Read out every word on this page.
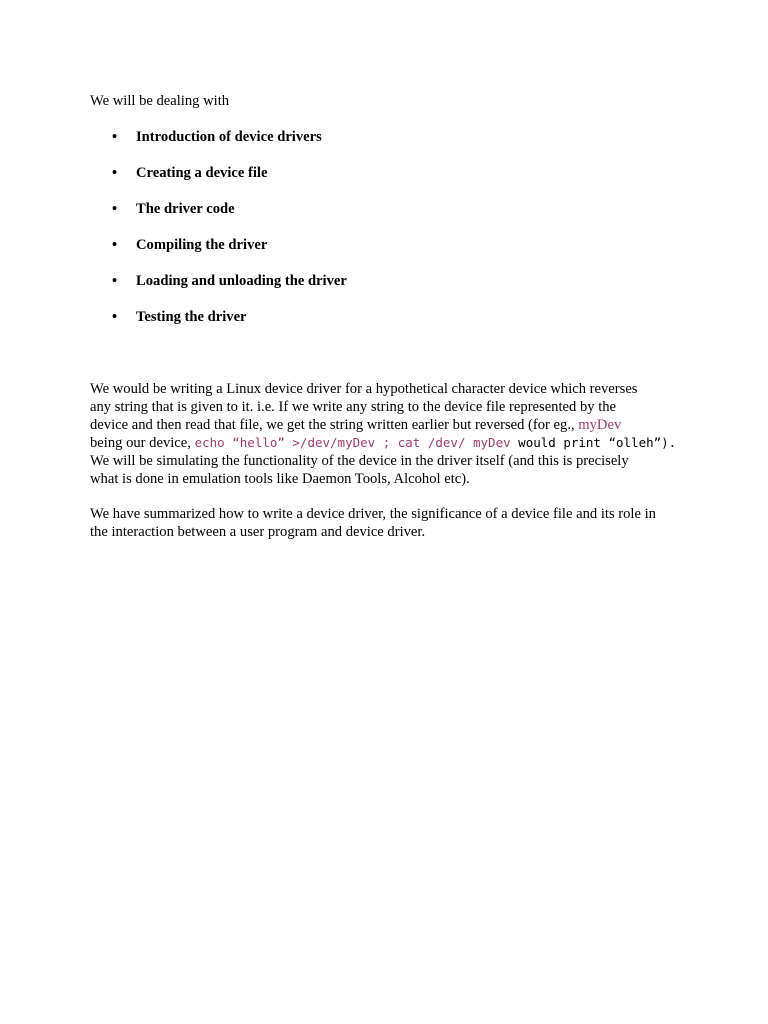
We will be dealing with

• Introduction of device drivers
• Creating a device file
• The driver code
• Compiling the driver
• Loading and unloading the driver
• Testing the driver

We would be writing a Linux device driver for a hypothetical character device which reverses
any string that is given to it. i.e. If we write any string to the device file represented by the
device and then read that file, we get the string written earlier but reversed (for eg., myDev
being our device, echo “hello” >/dev/myDev ; cat /dev/ myDev would print “olleh”).
We will be simulating the functionality of the device in the driver itself (and this is precisely
what is done in emulation tools like Daemon Tools, Alcohol etc).

We have summarized how to write a device driver, the significance of a device file and its role in
the interaction between a user program and device driver.
